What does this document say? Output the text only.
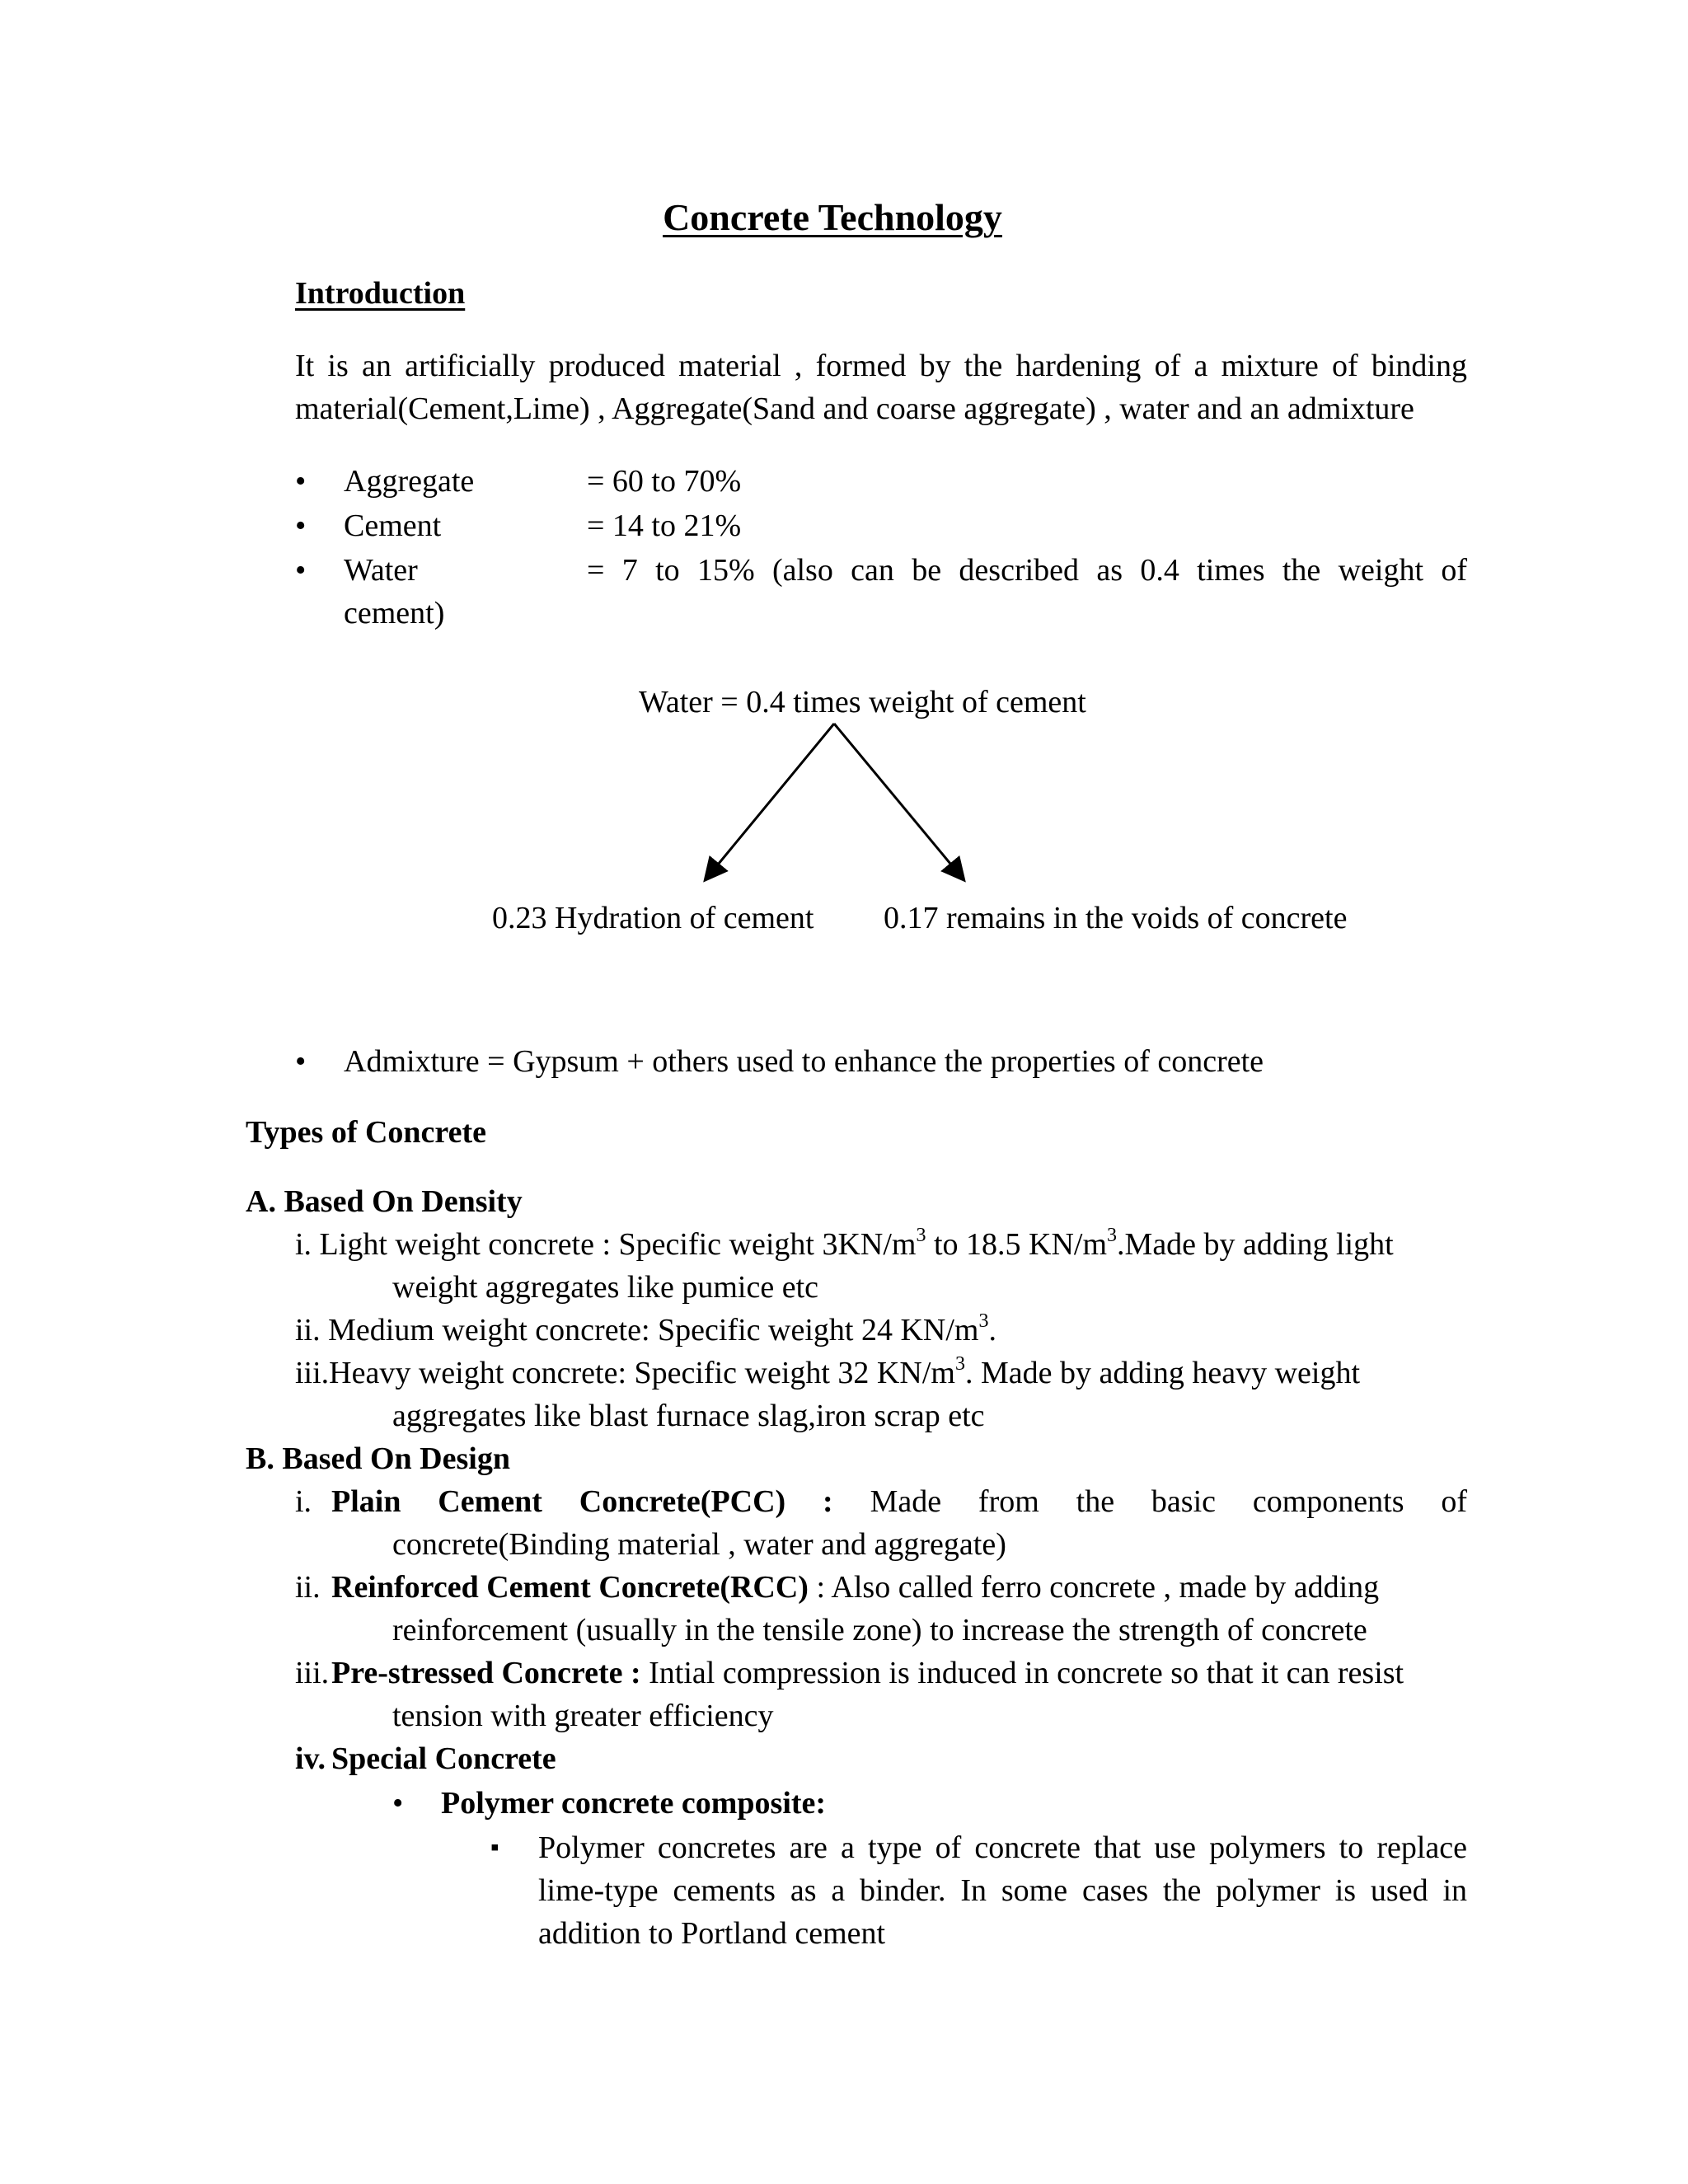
Concrete Technology
Introduction
It is an artificially produced material , formed by the hardening of a mixture of binding
material(Cement,Lime) , Aggregate(Sand and coarse aggregate) , water and an admixture
• Aggregate	= 60 to 70%
• Cement	= 14 to 21%
• Water	= 7 to 15% (also can be described as 0.4 times the weight of
cement)
Water = 0.4 times weight of cement
0.23 Hydration of cement 0.17 remains in the voids of concrete
• Admixture = Gypsum + others used to enhance the properties of concrete
Types of Concrete
A. Based On Density
i. Light weight concrete : Specific weight $3KN/m^3$ to 18.5 $KN/m^3.Made$ by adding light
weight aggregates like pumice etc
ii. Medium weight concrete: Specific weight 24 $KN/m^3$.
iii.Heavy weight concrete: Specific weight 32 $KN/m^3$. Made by adding heavy weight
aggregates like blast furnace slag,iron scrap etc
B. Based On Design
i. Plain Cement Concrete(PCC) : Made from the basic components of
concrete(Binding material , water and aggregate)
ii. Reinforced Cement Concrete(RCC) : Also called ferro concrete , made by adding
reinforcement (usually in the tensile zone) to increase the strength of concrete
iii. Pre-stressed Concrete : Intial compression is induced in concrete so that it can resist
tension with greater efficiency
iv. Special Concrete
• Polymer concrete composite:
▪ Polymer concretes are a type of concrete that use polymers to replace
lime-type cements as a binder. In some cases the polymer is used in
addition to Portland cement
